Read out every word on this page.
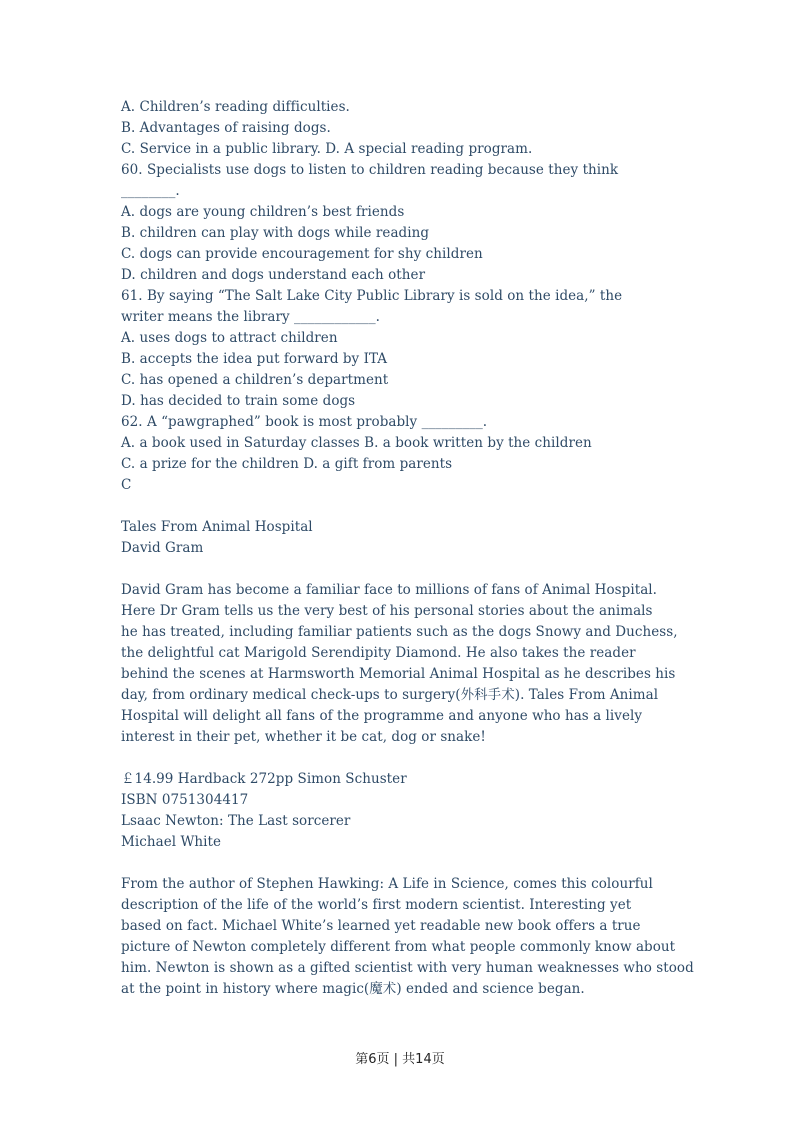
A. Children’s reading difficulties.
B. Advantages of raising dogs.
C. Service in a public library. D. A special reading program.
60. Specialists use dogs to listen to children reading because they think
________.
A. dogs are young children’s best friends
B. children can play with dogs while reading
C. dogs can provide encouragement for shy children
D. children and dogs understand each other
61. By saying “The Salt Lake City Public Library is sold on the idea,” the
writer means the library ____________.
A. uses dogs to attract children
B. accepts the idea put forward by ITA
C. has opened a children’s department
D. has decided to train some dogs
62. A “pawgraphed” book is most probably _________.
A. a book used in Saturday classes B. a book written by the children
C. a prize for the children D. a gift from parents
C
Tales From Animal Hospital
David Gram
David Gram has become a familiar face to millions of fans of Animal Hospital.
Here Dr Gram tells us the very best of his personal stories about the animals
he has treated, including familiar patients such as the dogs Snowy and Duchess,
the delightful cat Marigold Serendipity Diamond. He also takes the reader
behind the scenes at Harmsworth Memorial Animal Hospital as he describes his
day, from ordinary medical check-ups to surgery(外科手术). Tales From Animal
Hospital will delight all fans of the programme and anyone who has a lively
interest in their pet, whether it be cat, dog or snake!
￡14.99 Hardback 272pp Simon Schuster
ISBN 0751304417
Lsaac Newton: The Last sorcerer
Michael White
From the author of Stephen Hawking: A Life in Science, comes this colourful
description of the life of the world’s first modern scientist. Interesting yet
based on fact. Michael White’s learned yet readable new book offers a true
picture of Newton completely different from what people commonly know about
him. Newton is shown as a gifted scientist with very human weaknesses who stood
at the point in history where magic(魔术) ended and science began.
第6页 | 共14页
